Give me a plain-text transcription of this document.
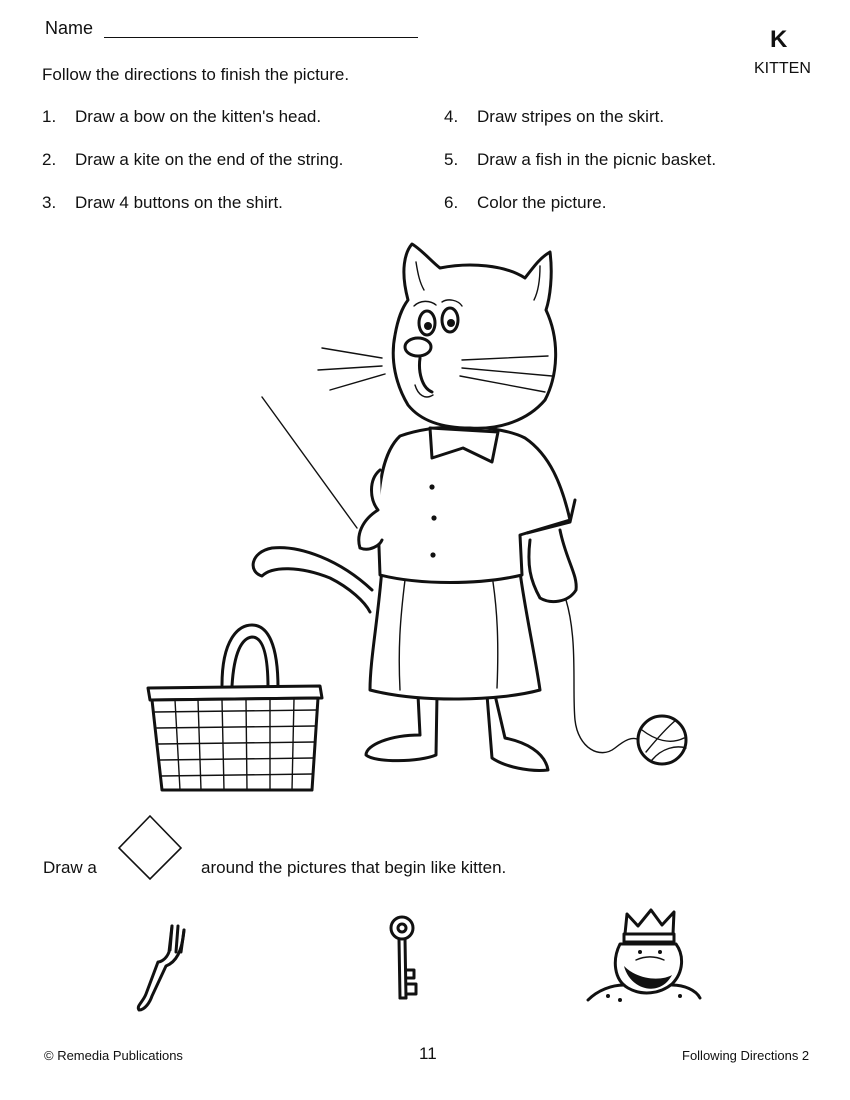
Name	K
KITTEN
Follow the directions to finish the picture.
1. Draw a bow on the kitten's head.
2. Draw a kite on the end of the string.
3. Draw 4 buttons on the shirt.
4. Draw stripes on the skirt.
5. Draw a fish in the picnic basket.
6. Color the picture.
Draw a	around the pictures that begin like kitten.
© Remedia Publications	11	Following Directions 2
